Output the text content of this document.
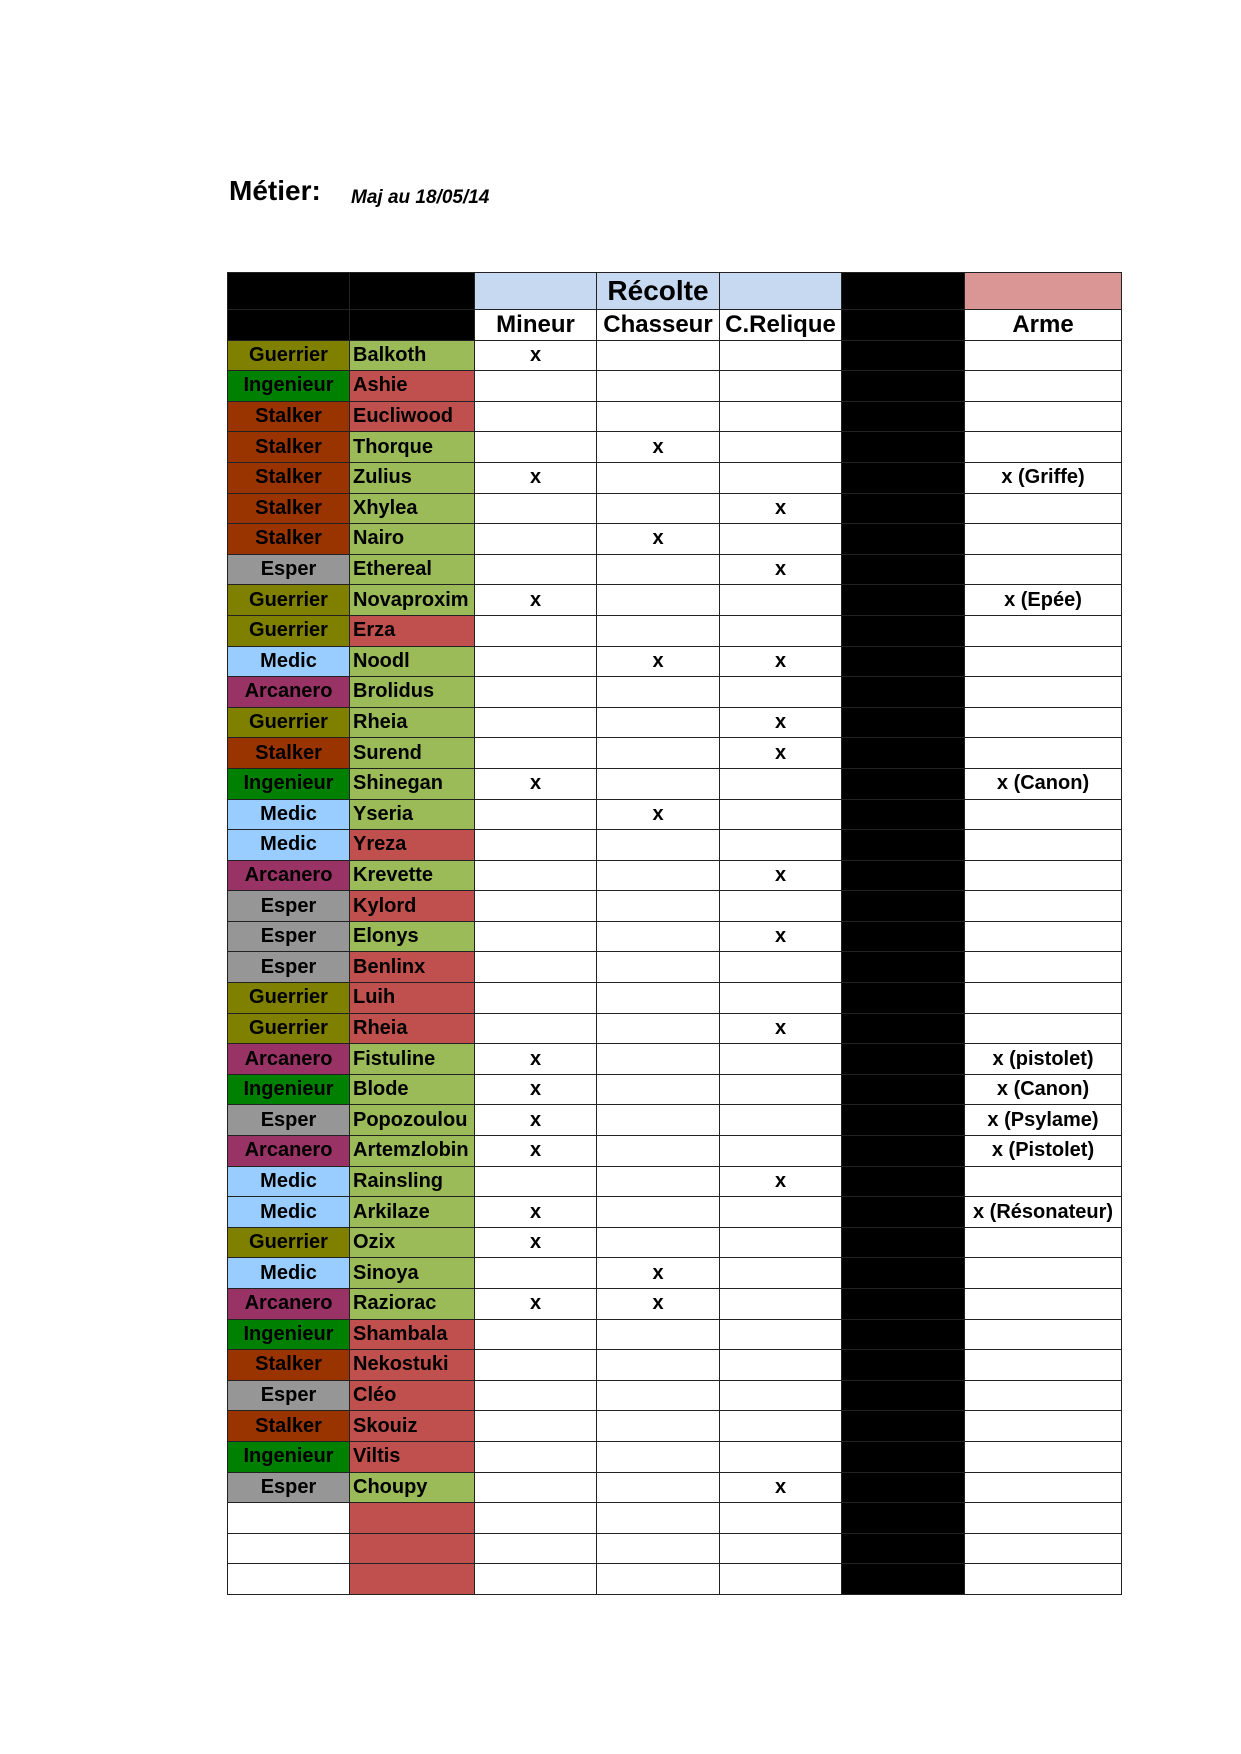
Métier: Maj au 18/05/14
			Récolte			
		Mineur	Chasseur	C.Relique		Arme
Guerrier	Balkoth	x				
Ingenieur	Ashie					
Stalker	Eucliwood					
Stalker	Thorque		x			
Stalker	Zulius	x				x (Griffe)
Stalker	Xhylea			x		
Stalker	Nairo		x			
Esper	Ethereal			x		
Guerrier	Novaproxim	x				x (Epée)
Guerrier	Erza					
Medic	Noodl		x	x		
Arcanero	Brolidus					
Guerrier	Rheia			x		
Stalker	Surend			x		
Ingenieur	Shinegan	x				x (Canon)
Medic	Yseria		x			
Medic	Yreza					
Arcanero	Krevette			x		
Esper	Kylord					
Esper	Elonys			x		
Esper	Benlinx					
Guerrier	Luih					
Guerrier	Rheia			x		
Arcanero	Fistuline	x				x (pistolet)
Ingenieur	Blode	x				x (Canon)
Esper	Popozoulou	x				x (Psylame)
Arcanero	Artemzlobin	x				x (Pistolet)
Medic	Rainsling			x		
Medic	Arkilaze	x				x (Résonateur)
Guerrier	Ozix	x				
Medic	Sinoya		x			
Arcanero	Raziorac	x	x			
Ingenieur	Shambala					
Stalker	Nekostuki					
Esper	Cléo					
Stalker	Skouiz					
Ingenieur	Viltis					
Esper	Choupy			x		
